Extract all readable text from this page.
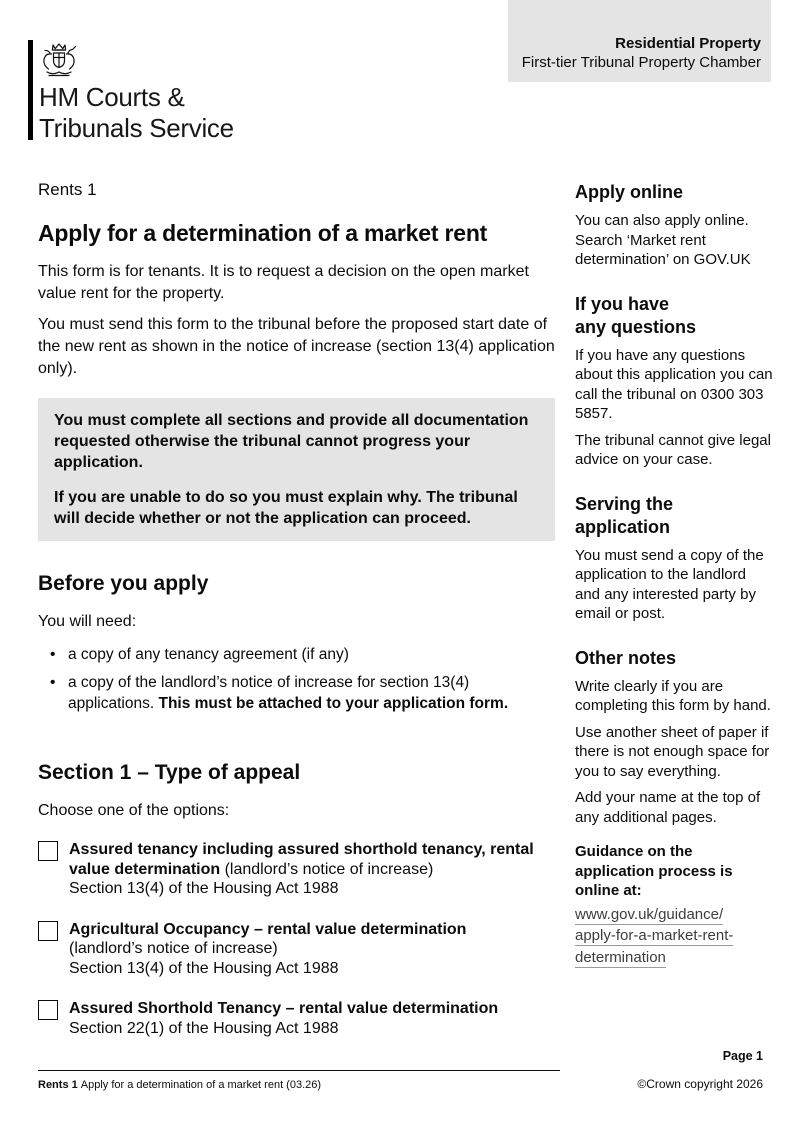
Residential Property
First-tier Tribunal Property Chamber
HM Courts &
Tribunals Service

Rents 1

Apply for a determination of a market rent

This form is for tenants. It is to request a decision on the open market value rent for the property.

You must send this form to the tribunal before the proposed start date of the new rent as shown in the notice of increase (section 13(4) application only).

You must complete all sections and provide all documentation requested otherwise the tribunal cannot progress your application.

If you are unable to do so you must explain why. The tribunal will decide whether or not the application can proceed.

Before you apply

You will need:

• a copy of any tenancy agreement (if any)
• a copy of the landlord’s notice of increase for section 13(4) applications. This must be attached to your application form.
Section 1 – Type of appeal

Choose one of the options:

Assured tenancy including assured shorthold tenancy, rental value determination (landlord’s notice of increase)
Section 13(4) of the Housing Act 1988
Agricultural Occupancy – rental value determination (landlord’s notice of increase)
Section 13(4) of the Housing Act 1988
Assured Shorthold Tenancy – rental value determination
Section 22(1) of the Housing Act 1988
Apply online

You can also apply online. Search ‘Market rent determination’ on GOV.UK

If you have
any questions

If you have any questions about this application you can call the tribunal on 0300 303 5857.

The tribunal cannot give legal advice on your case.

Serving the
application

You must send a copy of the application to the landlord and any interested party by email or post.

Other notes

Write clearly if you are completing this form by hand.

Use another sheet of paper if there is not enough space for you to say everything.

Add your name at the top of any additional pages.

Guidance on the application process is online at:

www.gov.uk/guidance/
apply-for-a-market-rent-
determination
Page 1
Rents 1 Apply for a determination of a market rent (03.26)	©Crown copyright 2026
